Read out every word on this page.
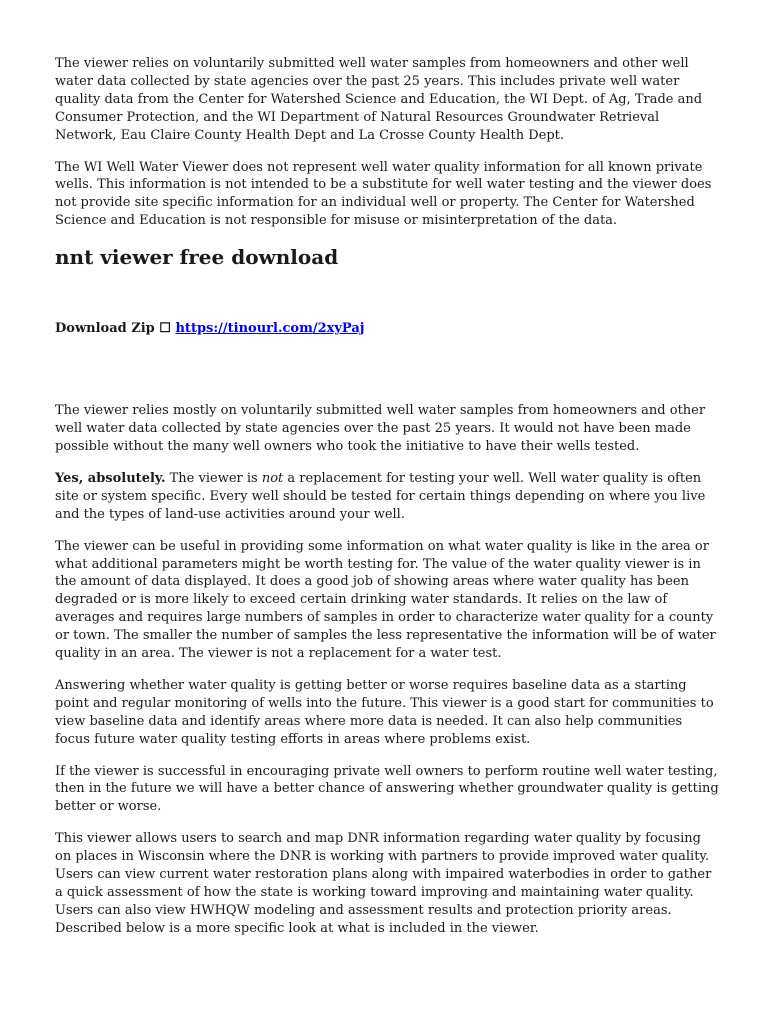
The viewer relies on voluntarily submitted well water samples from homeowners and other well water data collected by state agencies over the past 25 years. This includes private well water quality data from the Center for Watershed Science and Education, the WI Dept. of Ag, Trade and Consumer Protection, and the WI Department of Natural Resources Groundwater Retrieval Network, Eau Claire County Health Dept and La Crosse County Health Dept.

The WI Well Water Viewer does not represent well water quality information for all known private wells. This information is not intended to be a substitute for well water testing and the viewer does not provide site specific information for an individual well or property. The Center for Watershed Science and Education is not responsible for misuse or misinterpretation of the data.

nnt viewer free download
Download Zip ☐ https://tinourl.com/2xyPaj

The viewer relies mostly on voluntarily submitted well water samples from homeowners and other well water data collected by state agencies over the past 25 years. It would not have been made possible without the many well owners who took the initiative to have their wells tested.

Yes, absolutely. The viewer is not a replacement for testing your well. Well water quality is often site or system specific. Every well should be tested for certain things depending on where you live and the types of land-use activities around your well.

The viewer can be useful in providing some information on what water quality is like in the area or what additional parameters might be worth testing for. The value of the water quality viewer is in the amount of data displayed. It does a good job of showing areas where water quality has been degraded or is more likely to exceed certain drinking water standards. It relies on the law of averages and requires large numbers of samples in order to characterize water quality for a county or town. The smaller the number of samples the less representative the information will be of water quality in an area. The viewer is not a replacement for a water test.

Answering whether water quality is getting better or worse requires baseline data as a starting point and regular monitoring of wells into the future. This viewer is a good start for communities to view baseline data and identify areas where more data is needed. It can also help communities focus future water quality testing efforts in areas where problems exist.

If the viewer is successful in encouraging private well owners to perform routine well water testing, then in the future we will have a better chance of answering whether groundwater quality is getting better or worse.

This viewer allows users to search and map DNR information regarding water quality by focusing on places in Wisconsin where the DNR is working with partners to provide improved water quality. Users can view current water restoration plans along with impaired waterbodies in order to gather a quick assessment of how the state is working toward improving and maintaining water quality. Users can also view HWHQW modeling and assessment results and protection priority areas. Described below is a more specific look at what is included in the viewer.
